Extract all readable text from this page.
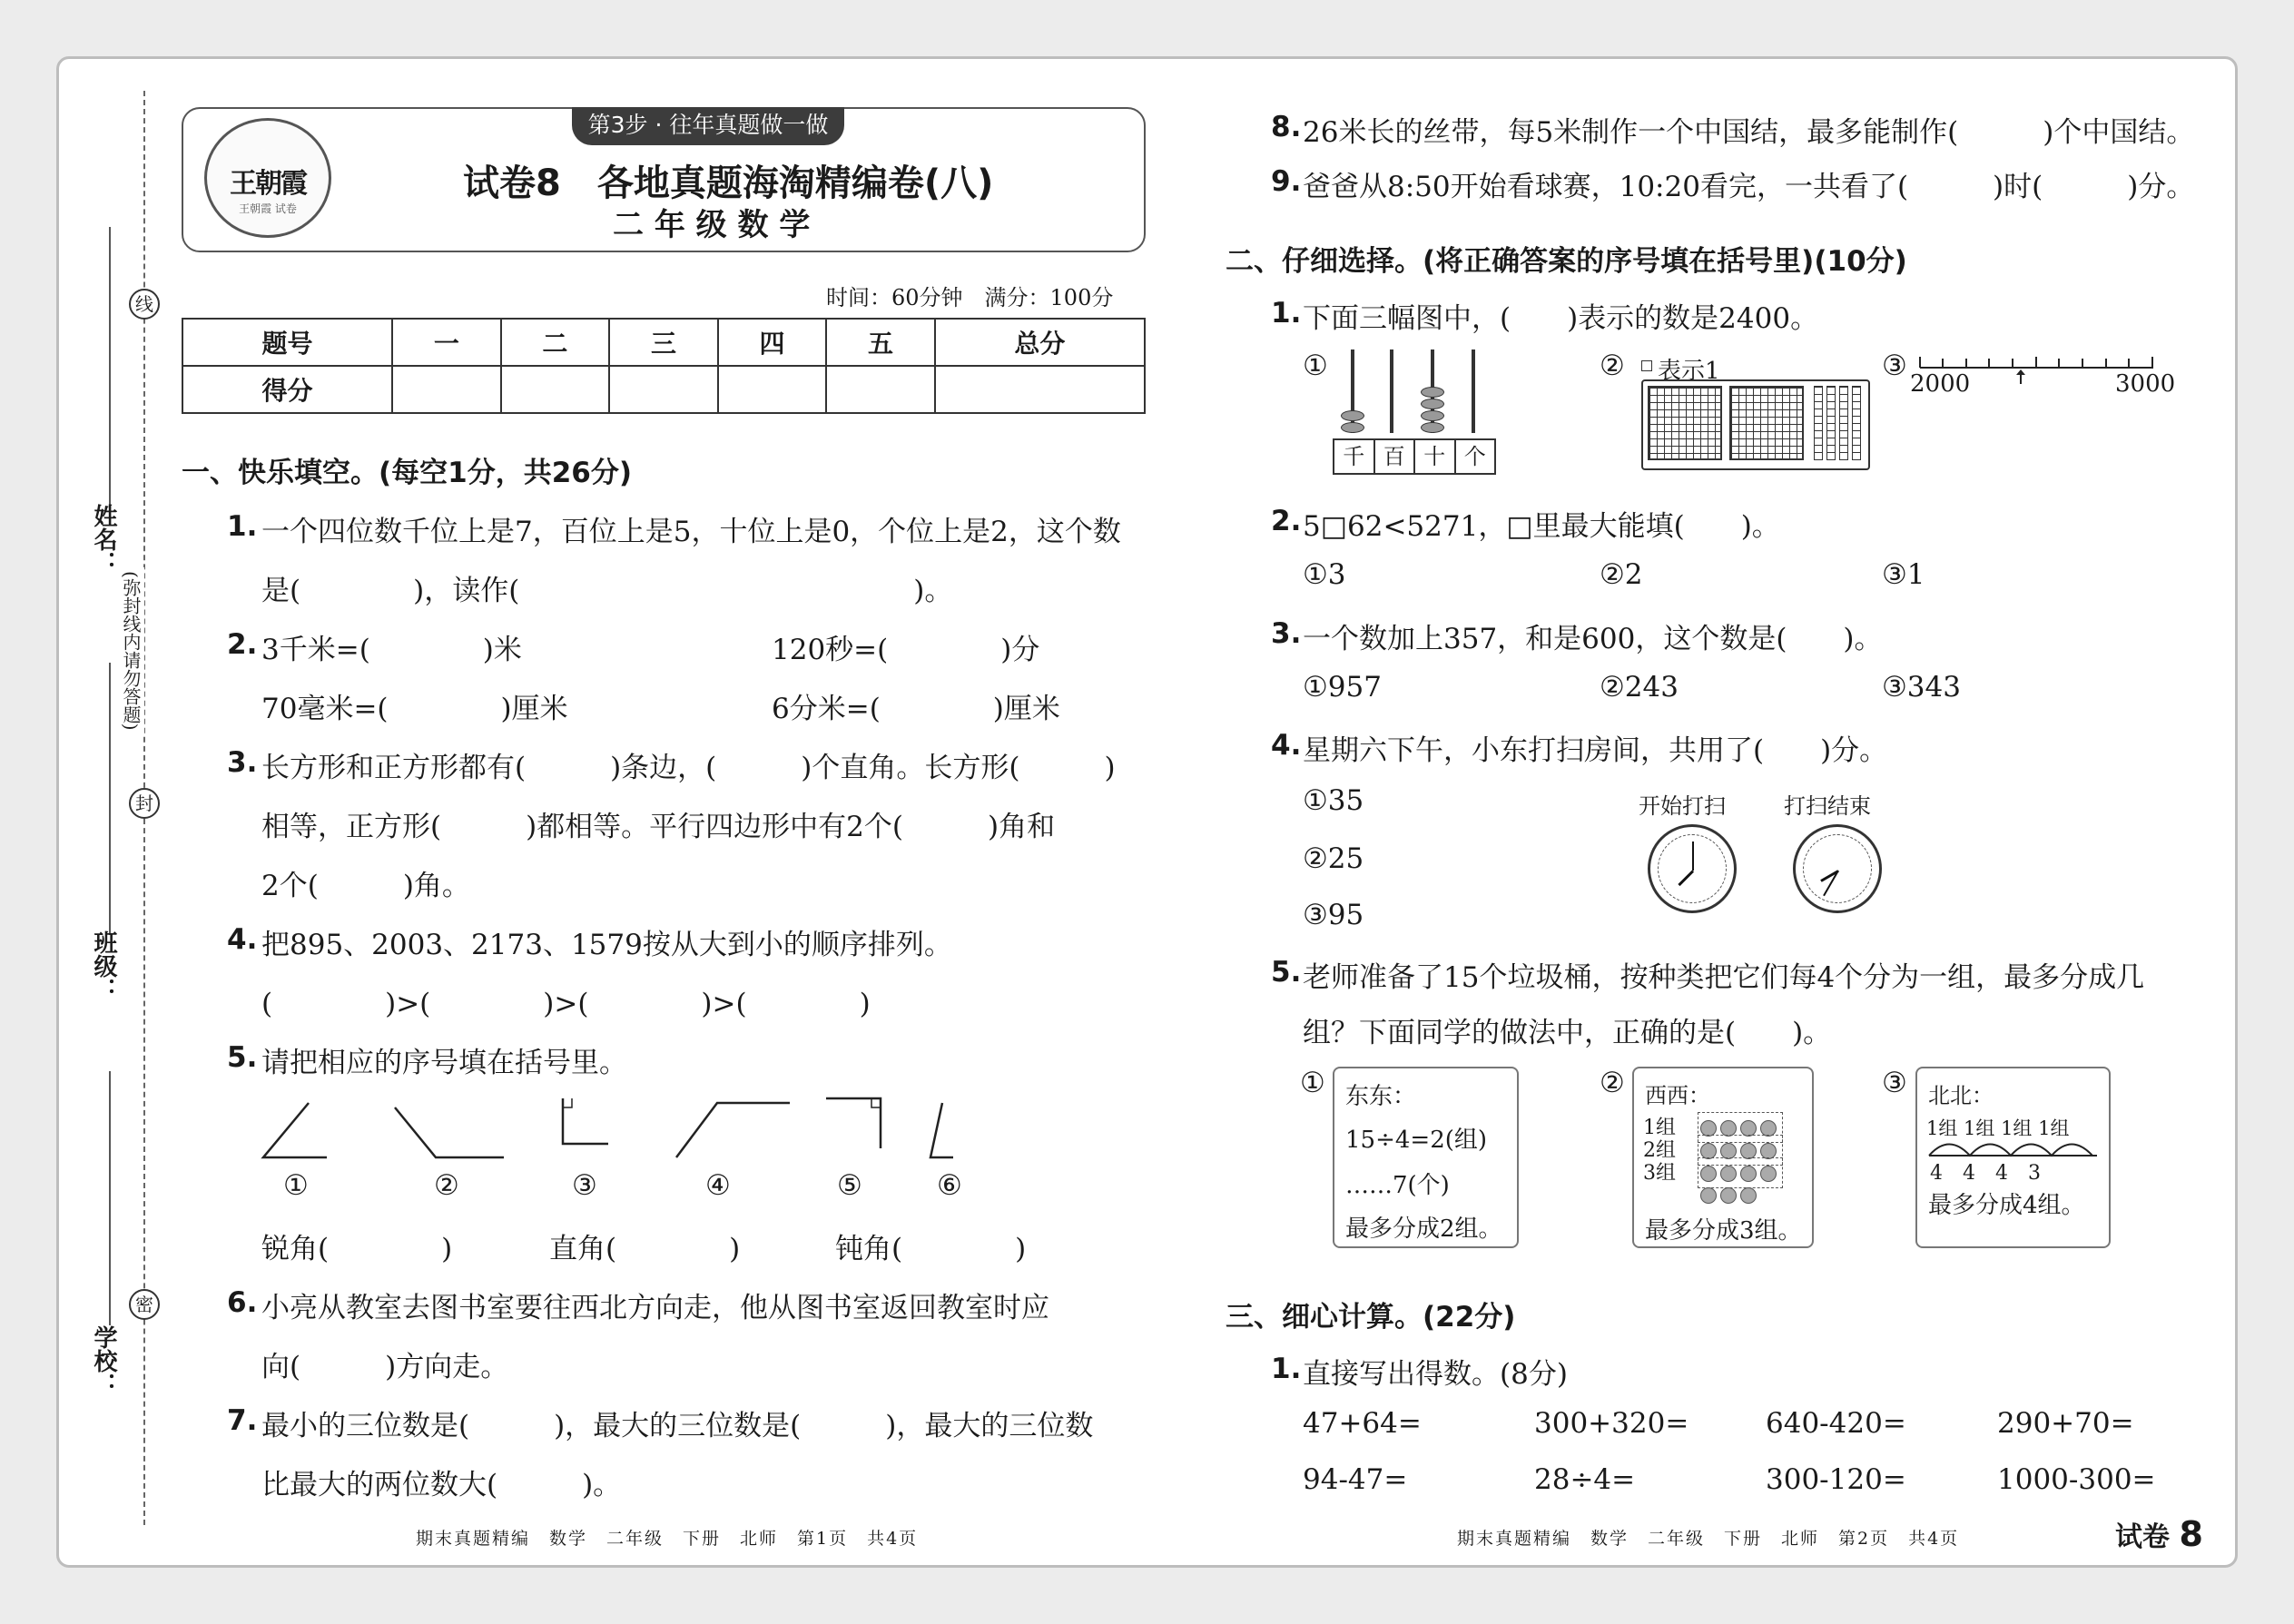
姓名：
班级：
学校：
线
封
密
(弥封线内请勿答题)
王朝霞
王朝霞 试卷
第3步 · 往年真题做一做
试卷8　各地真题海淘精编卷(八)
二 年 级 数 学
时间：60分钟　满分：100分
题号	一	二	三	四	五	总分
得分						
一、快乐填空。(每空1分，共26分)
1. 一个四位数千位上是7，百位上是5，十位上是0，个位上是2，这个数
是(　　　　)，读作(　　　　　　　　　　　　　　)。
2. 3千米=(　　　　)米	120秒=(　　　　)分
70毫米=(　　　　)厘米	6分米=(　　　　)厘米
3. 长方形和正方形都有(　　　)条边，(　　　)个直角。长方形(　　　)
相等，正方形(　　　)都相等。平行四边形中有2个(　　　)角和
2个(　　　)角。
4. 把895、2003、2173、1579按从大到小的顺序排列。
(　　　　)>(　　　　)>(　　　　)>(　　　　)
5. 请把相应的序号填在括号里。
①	②	③	④	⑤	⑥
锐角(　　　　)	直角(　　　　)	钝角(　　　　)
6. 小亮从教室去图书室要往西北方向走，他从图书室返回教室时应
向(　　　)方向走。
7. 最小的三位数是(　　　)，最大的三位数是(　　　)，最大的三位数
比最大的两位数大(　　　)。
期末真题精编　数学　二年级　下册　北师　第1页　共4页
8. 26米长的丝带，每5米制作一个中国结，最多能制作(　　　)个中国结。
9. 爸爸从8:50开始看球赛，10:20看完，一共看了(　　　)时(　　　)分。
二、仔细选择。(将正确答案的序号填在括号里)(10分)
1. 下面三幅图中，(　　)表示的数是2400。
①
千 百 十 个
② 表示1	③
2000	3000
2. 5□62<5271，□里最大能填(　　)。
①3	②2	③1
3. 一个数加上357，和是600，这个数是(　　)。
①957	②243	③343
4. 星期六下午，小东打扫房间，共用了(　　)分。
①35
②25
③95
开始打扫	打扫结束
5. 老师准备了15个垃圾桶，按种类把它们每4个分为一组，最多分成几
组？下面同学的做法中，正确的是(　　)。
① 东东：
15÷4=2(组)
……7(个)
最多分成2组。
② 西西：
1组
2组
3组
最多分成3组。
③ 北北：
1组 1组 1组 1组
4　4　4　3
最多分成4组。
三、细心计算。(22分)
1. 直接写出得数。(8分)
47+64=	300+320=	640-420=	290+70=
94-47=	28÷4=	300-120=	1000-300=
期末真题精编　数学　二年级　下册　北师　第2页　共4页	试卷 8
